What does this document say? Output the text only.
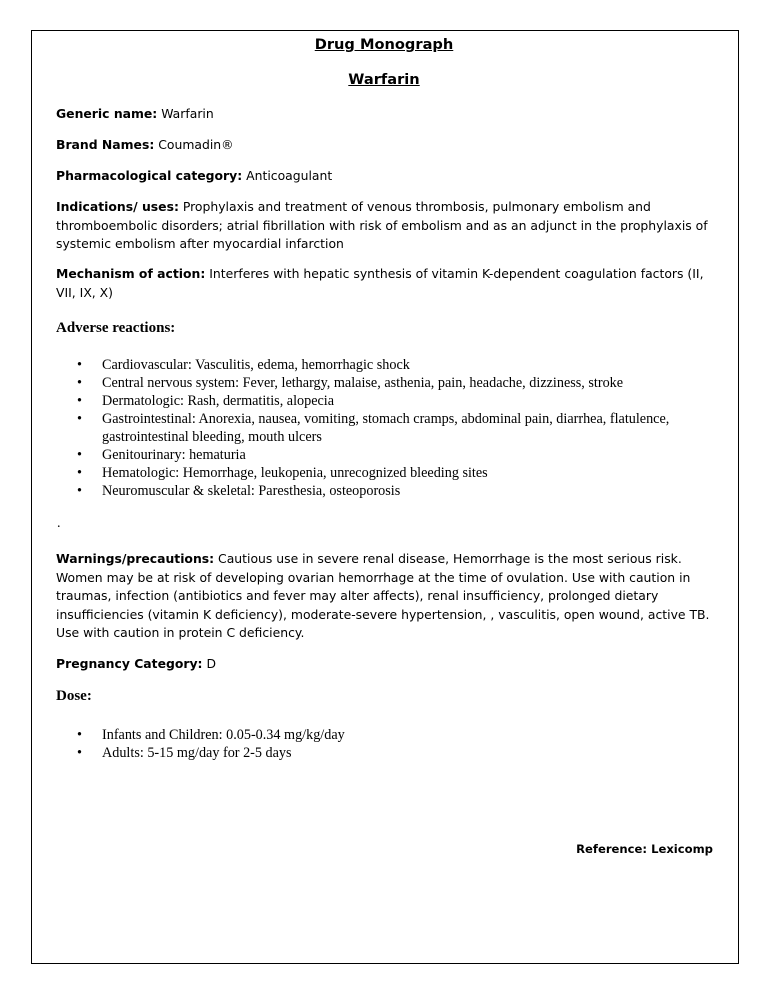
Drug Monograph
Warfarin
Generic name: Warfarin
Brand Names: Coumadin®
Pharmacological category: Anticoagulant
Indications/ uses: Prophylaxis and treatment of venous thrombosis, pulmonary embolism and thromboembolic disorders; atrial fibrillation with risk of embolism and as an adjunct in the prophylaxis of systemic embolism after myocardial infarction
Mechanism of action: Interferes with hepatic synthesis of vitamin K-dependent coagulation factors (II, VII, IX, X)
Adverse reactions:
• Cardiovascular: Vasculitis, edema, hemorrhagic shock
• Central nervous system: Fever, lethargy, malaise, asthenia, pain, headache, dizziness, stroke
• Dermatologic: Rash, dermatitis, alopecia
• Gastrointestinal: Anorexia, nausea, vomiting, stomach cramps, abdominal pain, diarrhea, flatulence, gastrointestinal bleeding, mouth ulcers
• Genitourinary: hematuria
• Hematologic: Hemorrhage, leukopenia, unrecognized bleeding sites
• Neuromuscular & skeletal: Paresthesia, osteoporosis
.
Warnings/precautions: Cautious use in severe renal disease, Hemorrhage is the most serious risk. Women may be at risk of developing ovarian hemorrhage at the time of ovulation. Use with caution in traumas, infection (antibiotics and fever may alter affects), renal insufficiency, prolonged dietary insufficiencies (vitamin K deficiency), moderate-severe hypertension, , vasculitis, open wound, active TB. Use with caution in protein C deficiency.
Pregnancy Category: D
Dose:
• Infants and Children: 0.05-0.34 mg/kg/day
• Adults: 5-15 mg/day for 2-5 days
Reference: Lexicomp
